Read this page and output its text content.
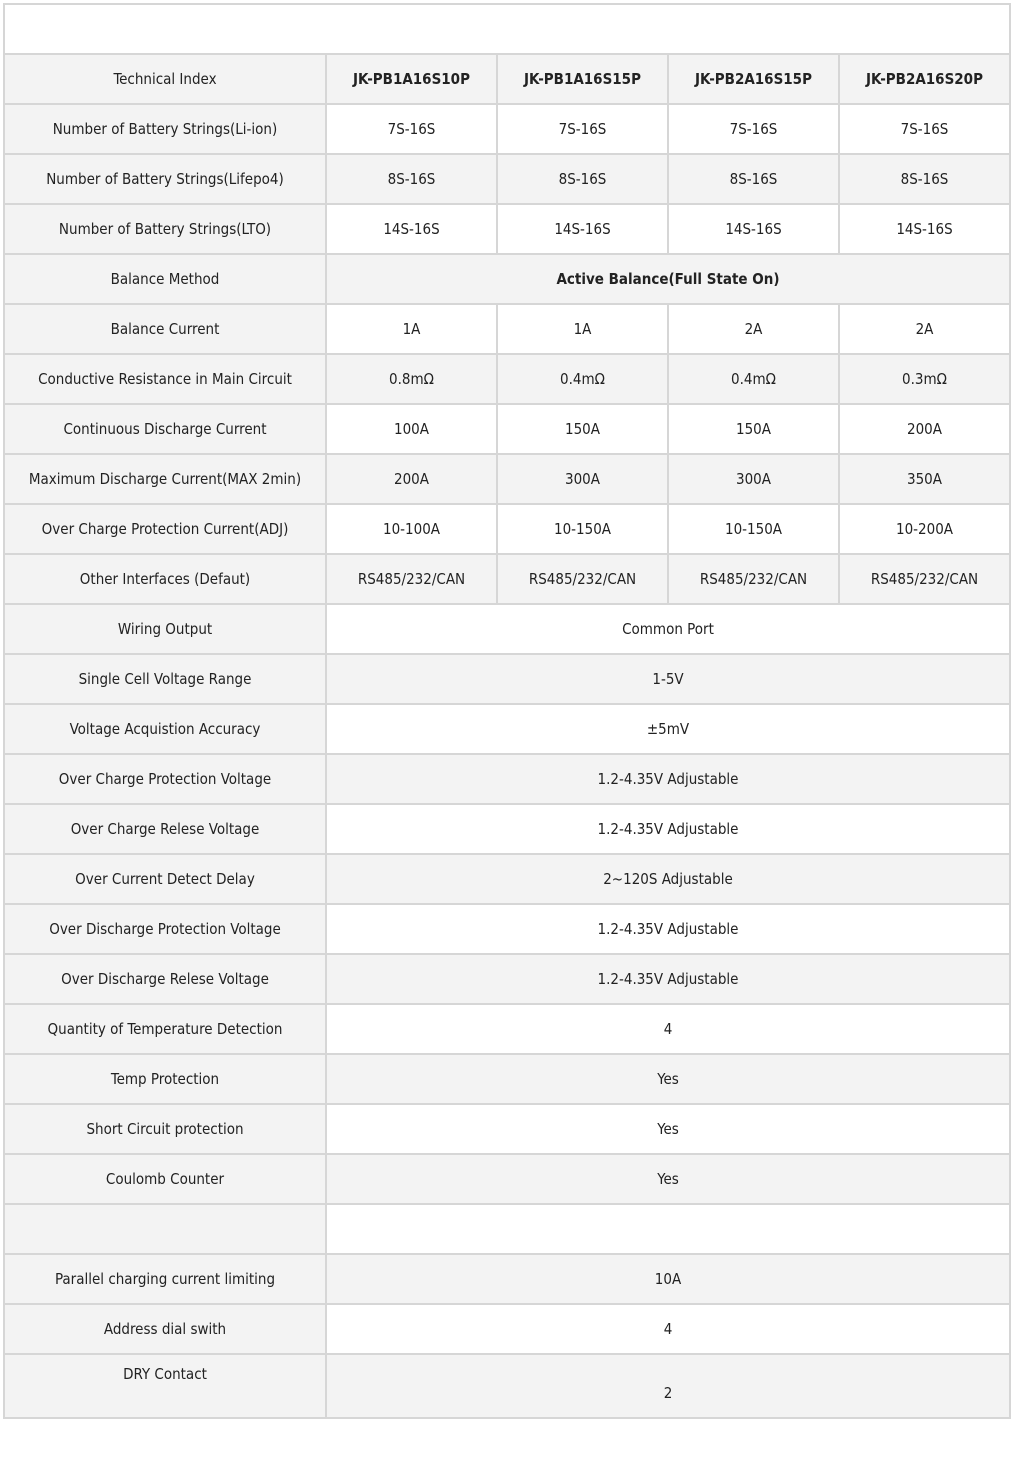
Technical Index	JK-PB1A16S10P	JK-PB1A16S15P	JK-PB2A16S15P	JK-PB2A16S20P
Number of Battery Strings(Li-ion)	7S-16S	7S-16S	7S-16S	7S-16S
Number of Battery Strings(Lifepo4)	8S-16S	8S-16S	8S-16S	8S-16S
Number of Battery Strings(LTO)	14S-16S	14S-16S	14S-16S	14S-16S
Balance Method	Active Balance(Full State On)			
Balance Current	1A	1A	2A	2A
Conductive Resistance in Main Circuit	0.8mΩ	0.4mΩ	0.4mΩ	0.3mΩ
Continuous Discharge Current	100A	150A	150A	200A
Maximum Discharge Current(MAX 2min)	200A	300A	300A	350A
Over Charge Protection Current(ADJ)	10-100A	10-150A	10-150A	10-200A
Other Interfaces (Defaut)	RS485/232/CAN	RS485/232/CAN	RS485/232/CAN	RS485/232/CAN
Wiring Output	Common Port			
Single Cell Voltage Range	1-5V			
Voltage Acquistion Accuracy	±5mV			
Over Charge Protection Voltage	1.2-4.35V Adjustable			
Over Charge Relese Voltage	1.2-4.35V Adjustable			
Over Current Detect Delay	2~120S Adjustable			
Over Discharge Protection Voltage	1.2-4.35V Adjustable			
Over Discharge Relese Voltage	1.2-4.35V Adjustable			
Quantity of Temperature Detection	4			
Temp Protection	Yes			
Short Circuit protection	Yes			
Coulomb Counter	Yes			

Parallel charging current limiting	10A			
Address dial swith	4			
DRY Contact	2			
